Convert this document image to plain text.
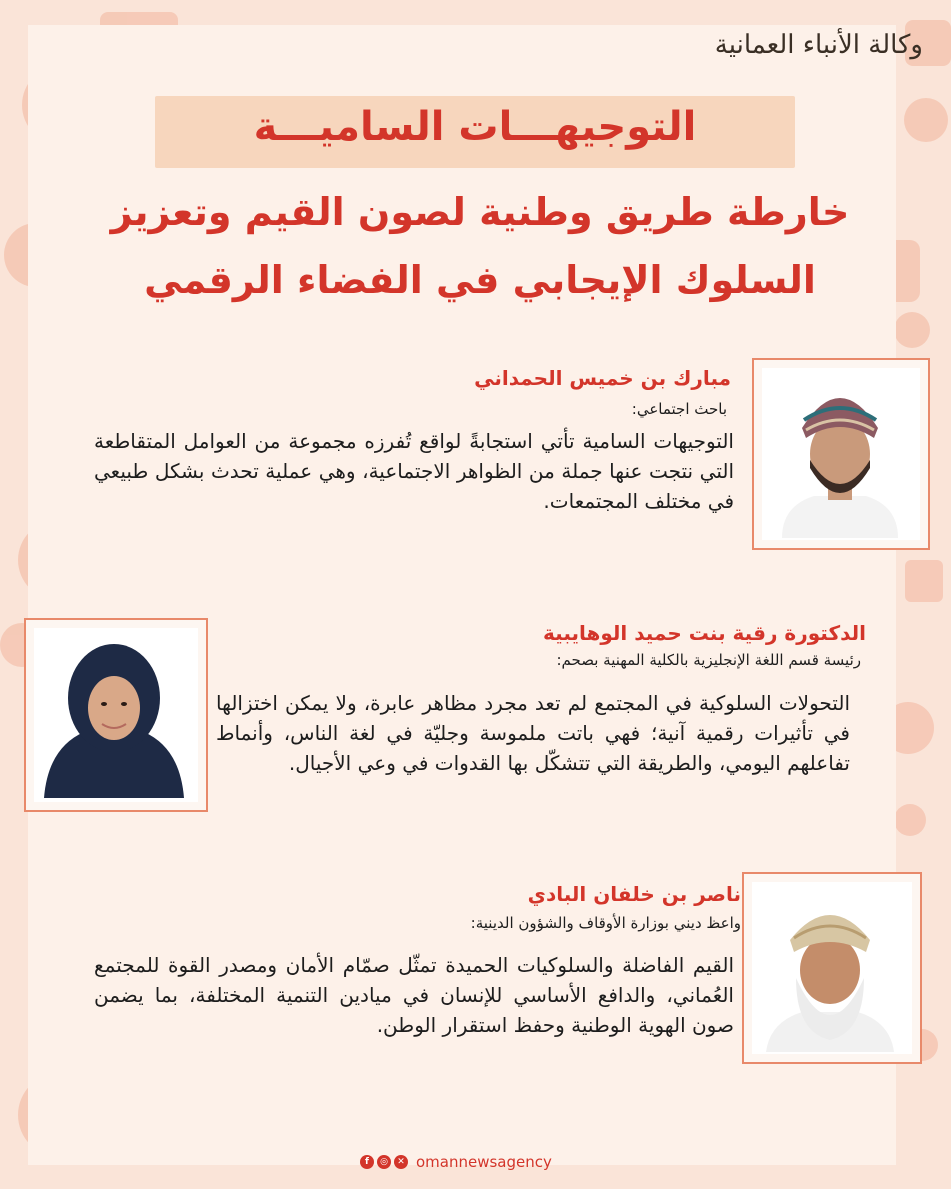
وكالة الأنباء العمانية
التوجيهـــات الساميـــة
خارطة طريق وطنية لصون القيم وتعزيز
السلوك الإيجابي في الفضاء الرقمي
مبارك بن خميس الحمداني
باحث اجتماعي:
التوجيهات السامية تأتي استجابةً لواقع تُفرزه مجموعة من العوامل المتقاطعة التي نتجت عنها جملة من الظواهر الاجتماعية، وهي عملية تحدث بشكل طبيعي في مختلف المجتمعات.
الدكتورة رقية بنت حميد الوهايبية
رئيسة قسم اللغة الإنجليزية بالكلية المهنية بصحم:
التحولات السلوكية في المجتمع لم تعد مجرد مظاهر عابرة، ولا يمكن اختزالها في تأثيرات رقمية آنية؛ فهي باتت ملموسة وجليّة في لغة الناس، وأنماط تفاعلهم اليومي، والطريقة التي تتشكّل بها القدوات في وعي الأجيال.
ناصر بن خلفان البادي
واعظ ديني بوزارة الأوقاف والشؤون الدينية:
القيم الفاضلة والسلوكيات الحميدة تمثّل صمّام الأمان ومصدر القوة للمجتمع العُماني، والدافع الأساسي للإنسان في ميادين التنمية المختلفة، بما يضمن صون الهوية الوطنية وحفظ استقرار الوطن.
f	◎	✕ omannewsagency
